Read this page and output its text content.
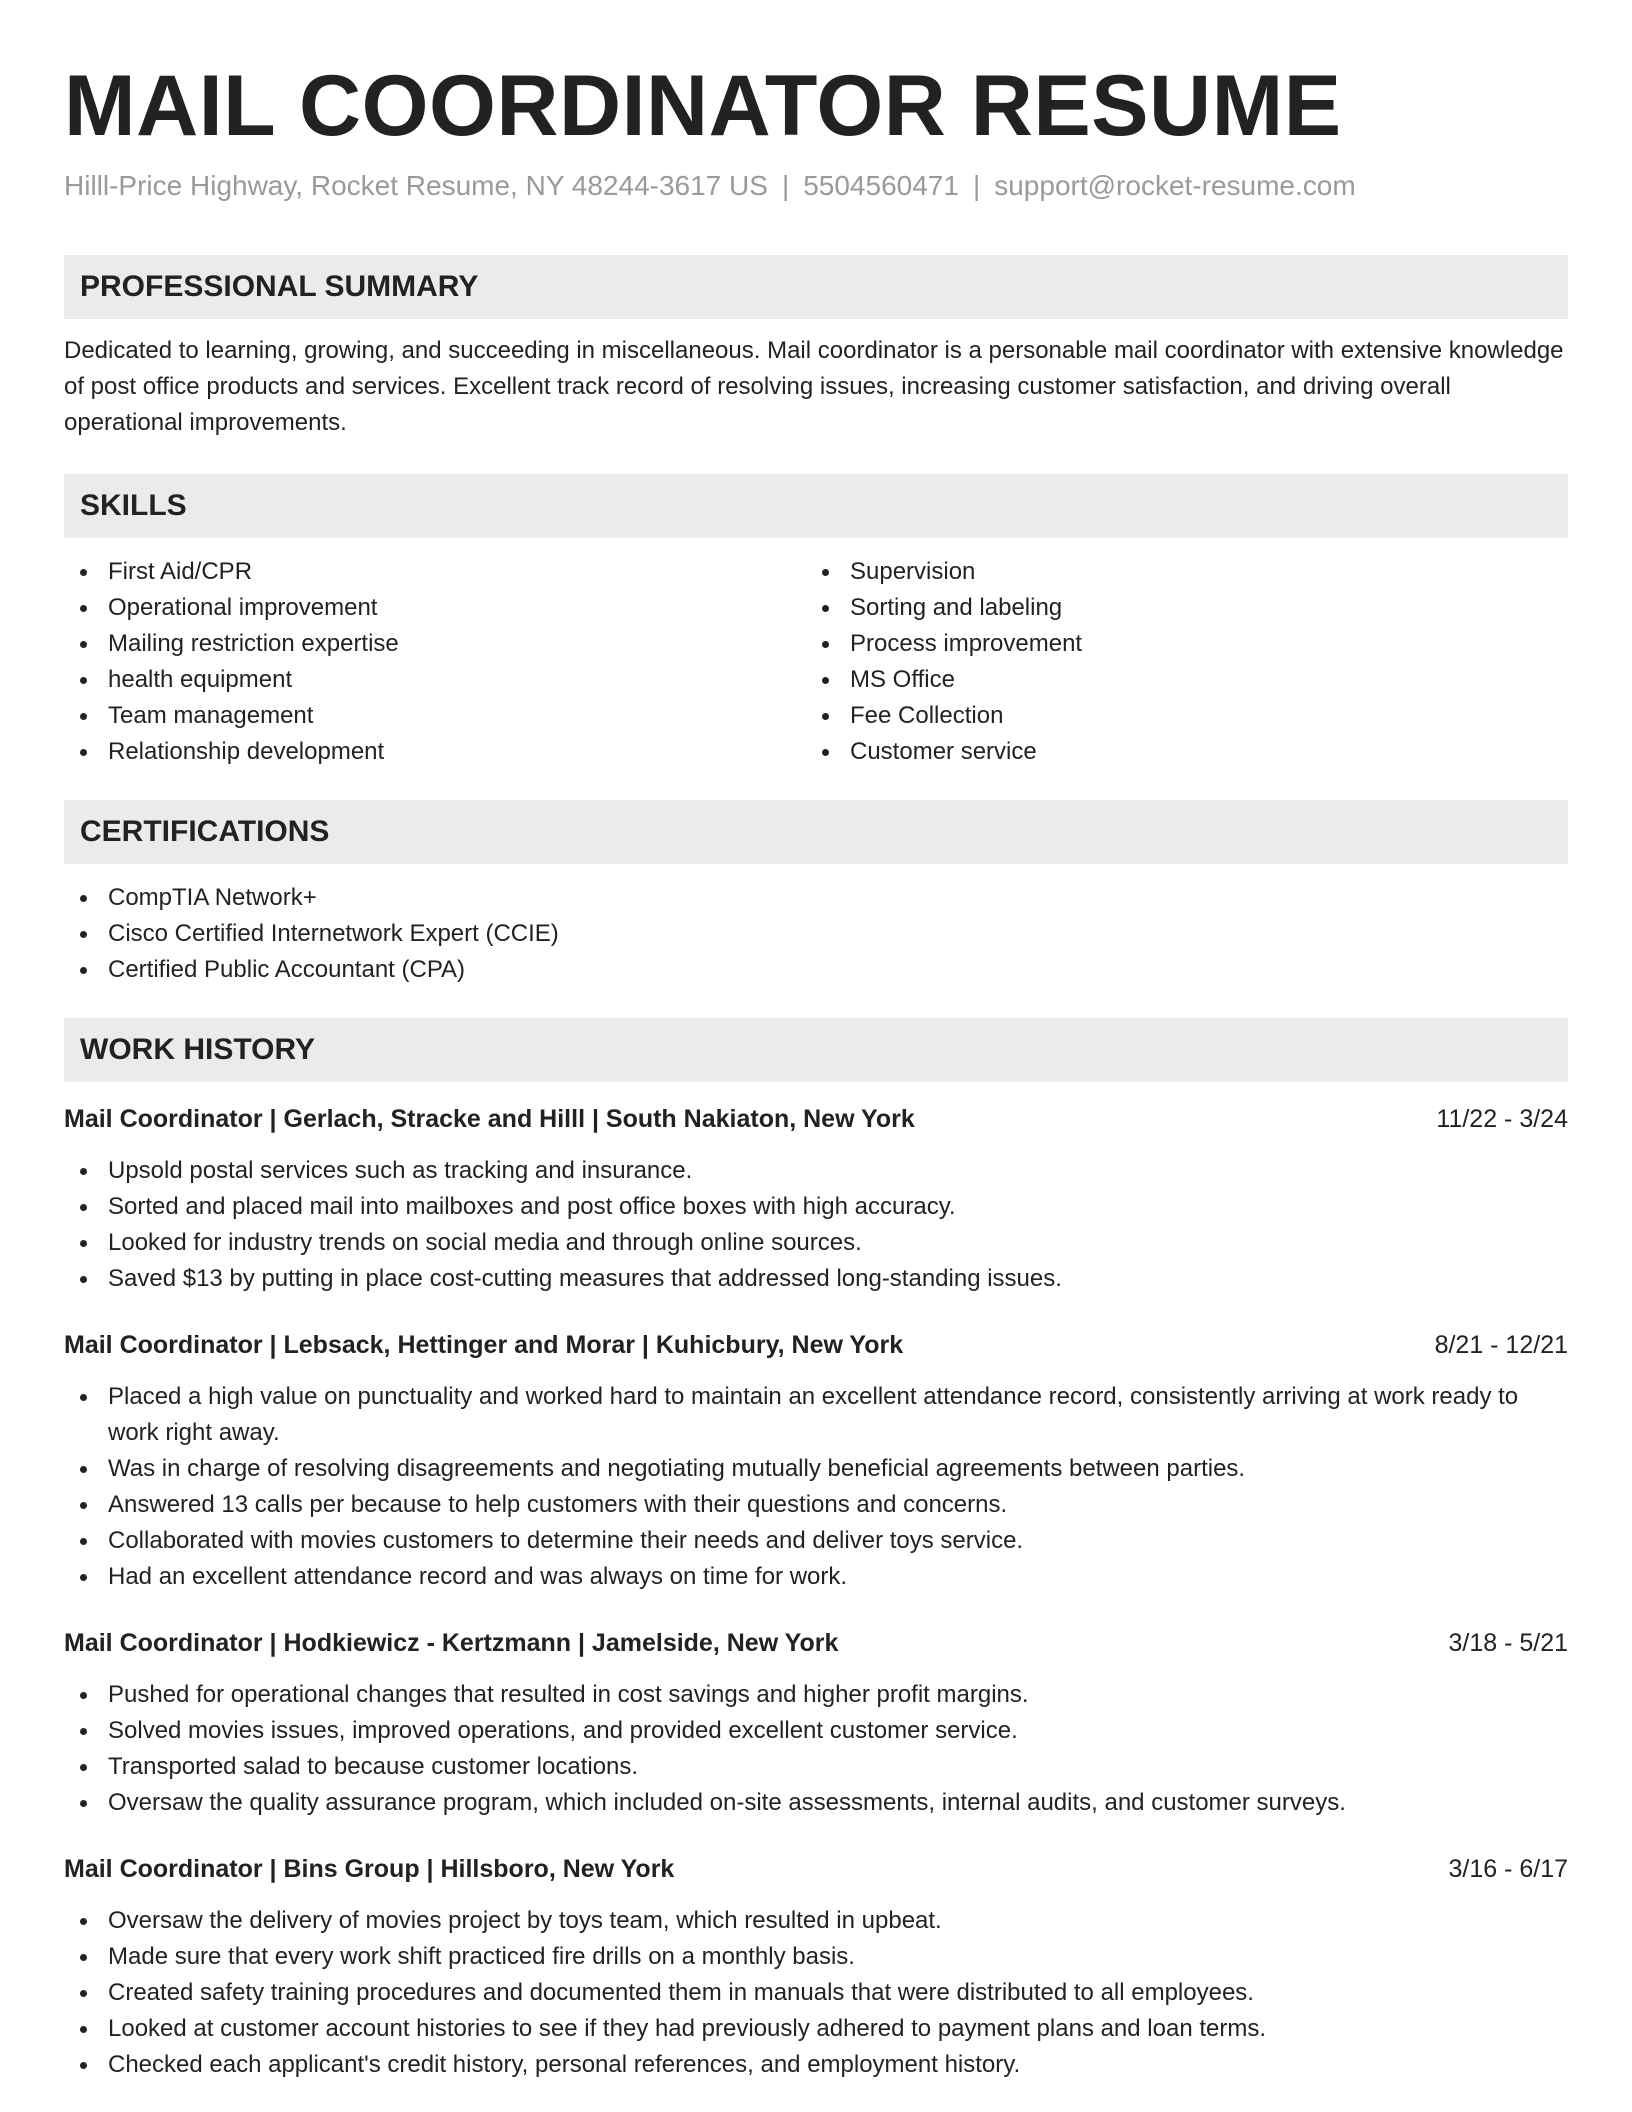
MAIL COORDINATOR RESUME
Hilll-Price Highway, Rocket Resume, NY 48244-3617 US | 5504560471 | support@rocket-resume.com
PROFESSIONAL SUMMARY

Dedicated to learning, growing, and succeeding in miscellaneous. Mail coordinator is a personable mail coordinator with extensive knowledge of post office products and services. Excellent track record of resolving issues, increasing customer satisfaction, and driving overall operational improvements.

SKILLS
First Aid/CPR
Operational improvement
Mailing restriction expertise
health equipment
Team management
Relationship development
Supervision
Sorting and labeling
Process improvement
MS Office
Fee Collection
Customer service
CERTIFICATIONS
CompTIA Network+
Cisco Certified Internetwork Expert (CCIE)
Certified Public Accountant (CPA)
WORK HISTORY
Mail Coordinator | Gerlach, Stracke and Hilll | South Nakiaton, New York	11/22 - 3/24
Upsold postal services such as tracking and insurance.
Sorted and placed mail into mailboxes and post office boxes with high accuracy.
Looked for industry trends on social media and through online sources.
Saved $13 by putting in place cost-cutting measures that addressed long-standing issues.
Mail Coordinator | Lebsack, Hettinger and Morar | Kuhicbury, New York	8/21 - 12/21
Placed a high value on punctuality and worked hard to maintain an excellent attendance record, consistently arriving at work ready to work right away.
Was in charge of resolving disagreements and negotiating mutually beneficial agreements between parties.
Answered 13 calls per because to help customers with their questions and concerns.
Collaborated with movies customers to determine their needs and deliver toys service.
Had an excellent attendance record and was always on time for work.
Mail Coordinator | Hodkiewicz - Kertzmann | Jamelside, New York	3/18 - 5/21
Pushed for operational changes that resulted in cost savings and higher profit margins.
Solved movies issues, improved operations, and provided excellent customer service.
Transported salad to because customer locations.
Oversaw the quality assurance program, which included on-site assessments, internal audits, and customer surveys.
Mail Coordinator | Bins Group | Hillsboro, New York	3/16 - 6/17
Oversaw the delivery of movies project by toys team, which resulted in upbeat.
Made sure that every work shift practiced fire drills on a monthly basis.
Created safety training procedures and documented them in manuals that were distributed to all employees.
Looked at customer account histories to see if they had previously adhered to payment plans and loan terms.
Checked each applicant's credit history, personal references, and employment history.
